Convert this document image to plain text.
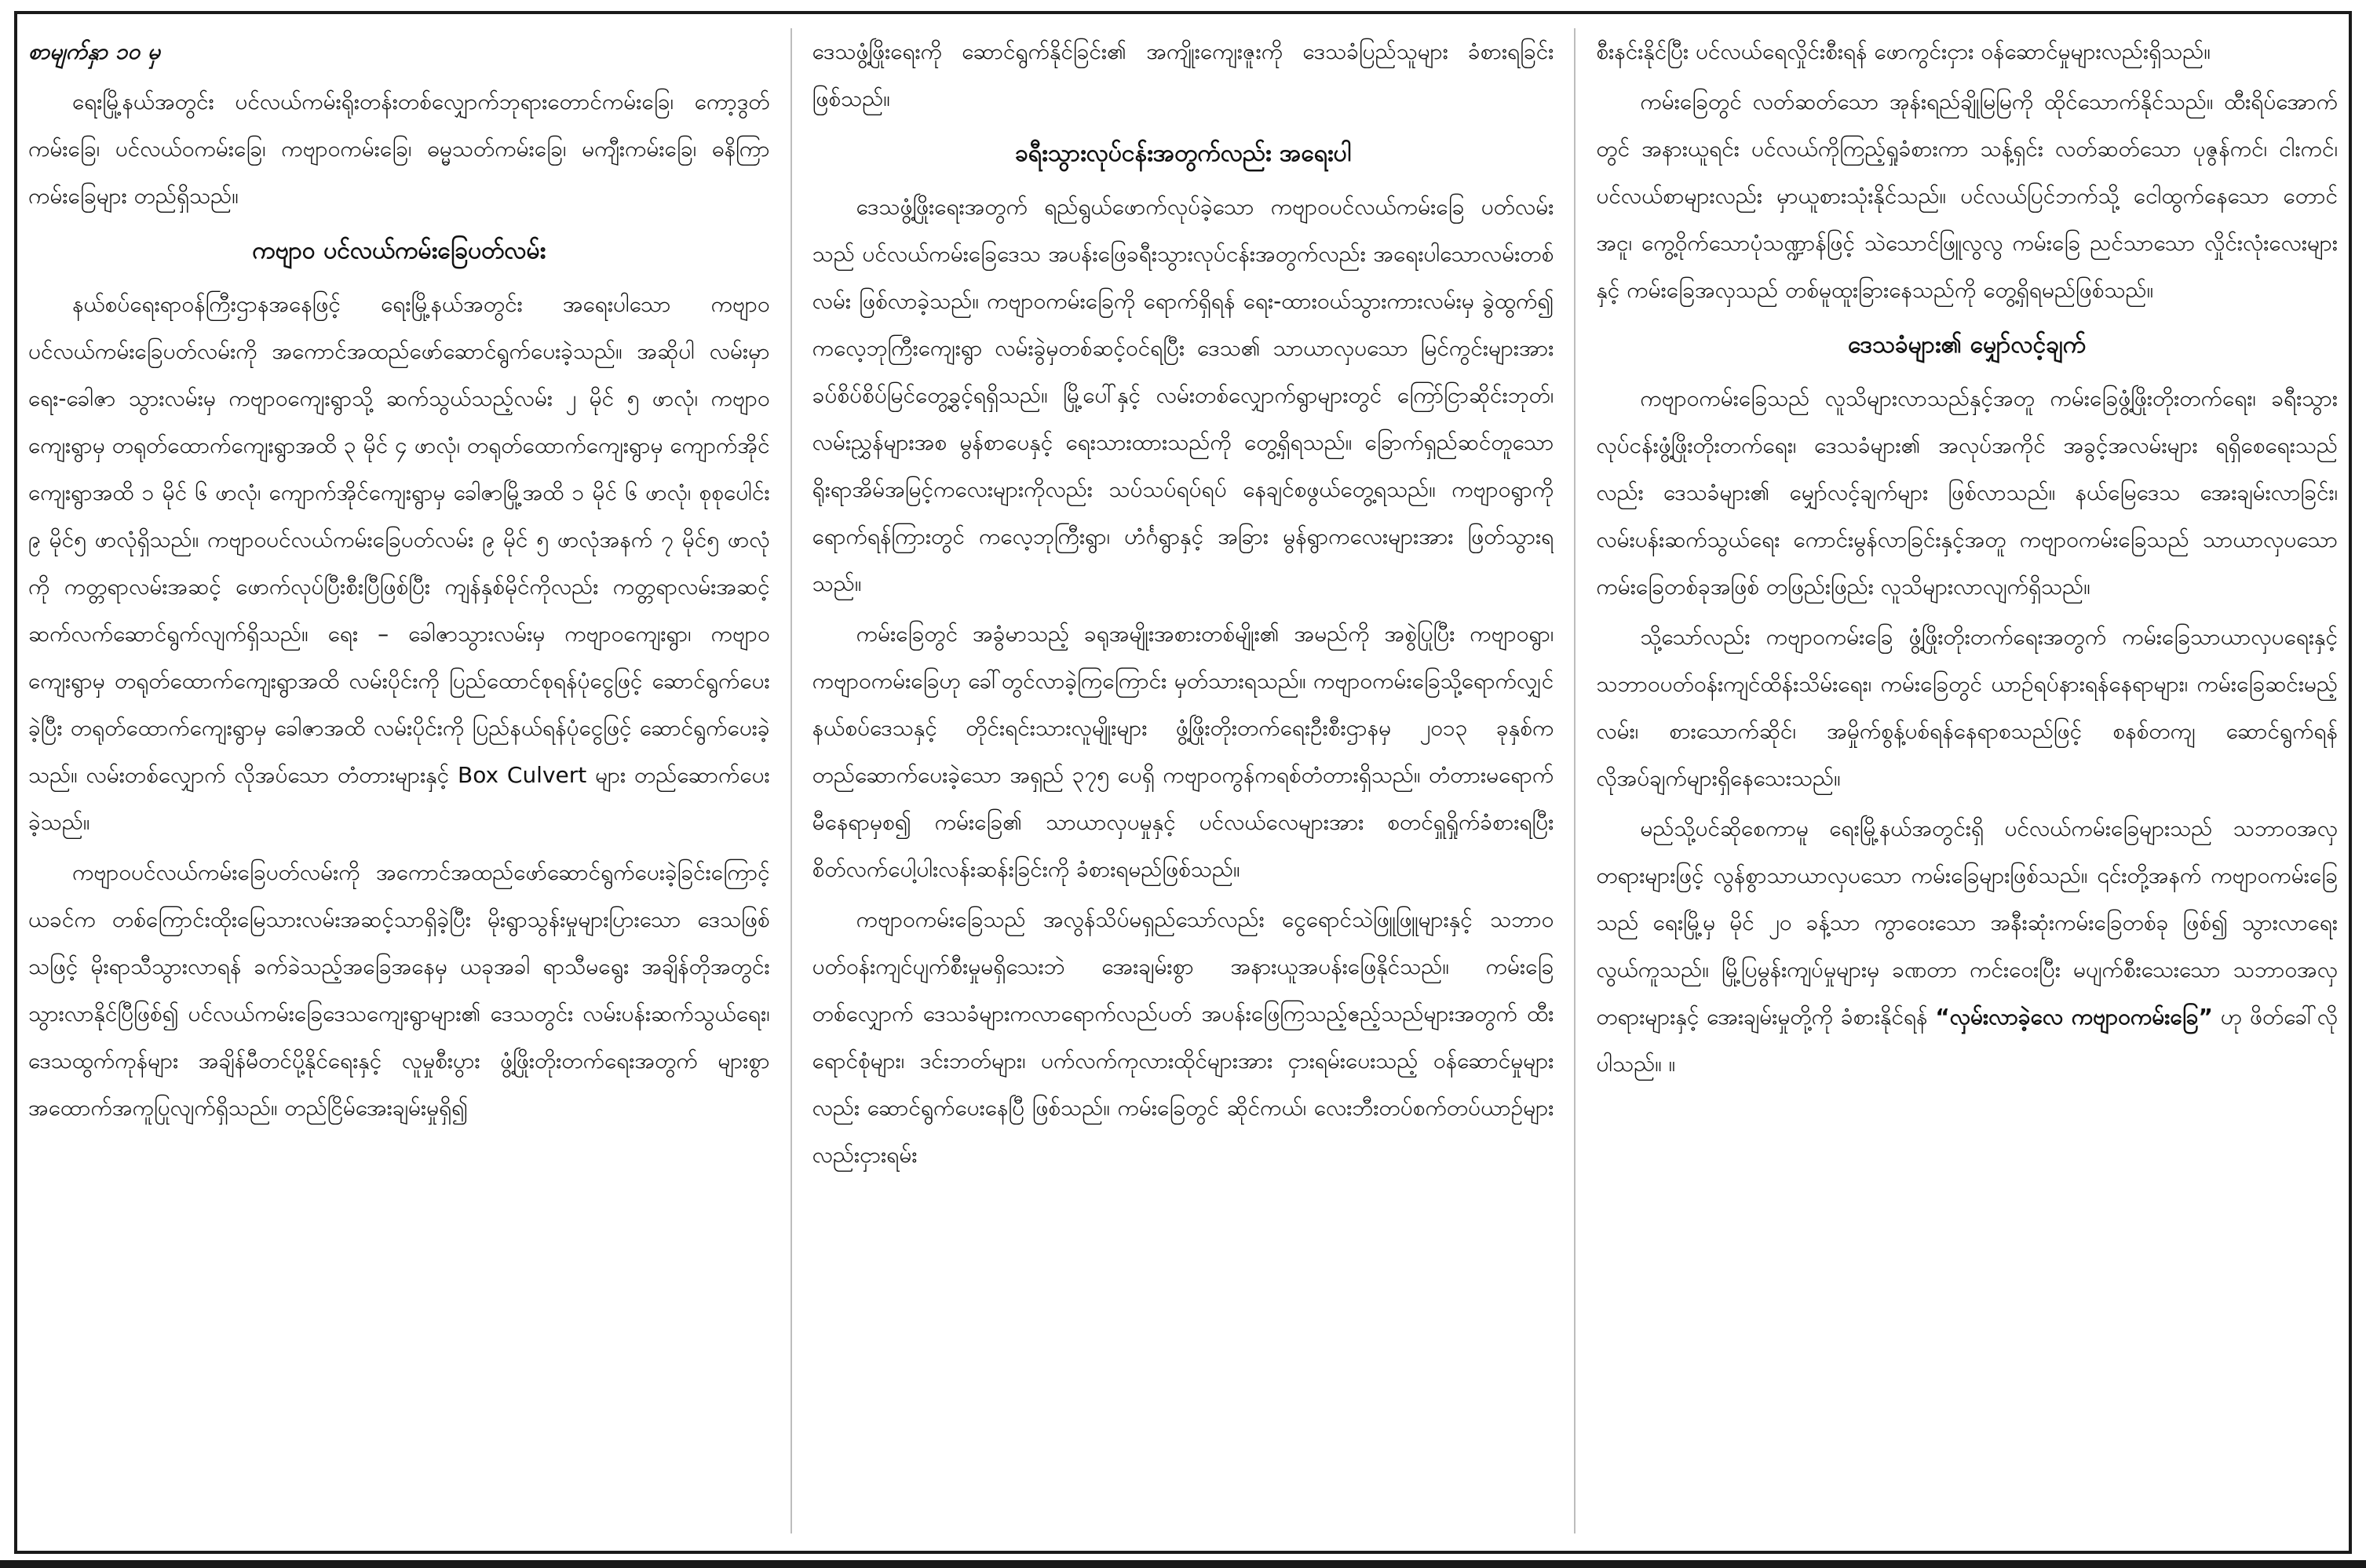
စာမျက်နှာ ၁၀ မှ

ရေးမြို့နယ်အတွင်း ပင်လယ်ကမ်းရိုးတန်းတစ်လျှောက်ဘုရားတောင်ကမ်းခြေ၊ ကော့ဒွတ်ကမ်းခြေ၊ ပင်လယ်ဝကမ်းခြေ၊ ကဗျာဝကမ်းခြေ၊ ဓမ္မသတ်ကမ်းခြေ၊ မကျီးကမ်းခြေ၊ ဓနိကြာ ကမ်းခြေများ တည်ရှိသည်။

ကဗျာဝ ပင်လယ်ကမ်းခြေပတ်လမ်း

နယ်စပ်ရေးရာဝန်ကြီးဌာနအနေဖြင့် ရေးမြို့နယ်အတွင်း အရေးပါသော ကဗျာဝ ပင်လယ်ကမ်းခြေပတ်လမ်းကို အကောင်အထည်ဖော်ဆောင်ရွက်ပေးခဲ့သည်။ အဆိုပါ လမ်းမှာ ရေး-ခေါဇာ သွားလမ်းမှ ကဗျာဝကျေးရွာသို့ ဆက်သွယ်သည့်လမ်း ၂ မိုင် ၅ ဖာလုံ၊ ကဗျာဝကျေးရွာမှ တရုတ်ထောက်ကျေးရွာအထိ ၃ မိုင် ၄ ဖာလုံ၊ တရုတ်ထောက်ကျေးရွာမှ ကျောက်အိုင်ကျေးရွာအထိ ၁ မိုင် ၆ ဖာလုံ၊ ကျောက်အိုင်ကျေးရွာမှ ခေါဇာမြို့အထိ ၁ မိုင် ၆ ဖာလုံ၊ စုစုပေါင်း ၉ မိုင်၅ ဖာလုံရှိသည်။ ကဗျာဝပင်လယ်ကမ်းခြေပတ်လမ်း ၉ မိုင် ၅ ဖာလုံအနက် ၇ မိုင်၅ ဖာလုံကို ကတ္တရာလမ်းအဆင့် ဖောက်လုပ်ပြီးစီးပြီဖြစ်ပြီး ကျန်နှစ်မိုင်ကိုလည်း ကတ္တရာလမ်းအဆင့် ဆက်လက်ဆောင်ရွက်လျက်ရှိသည်။ ရေး – ခေါဇာသွားလမ်းမှ ကဗျာဝကျေးရွာ၊ ကဗျာဝကျေးရွာမှ တရုတ်ထောက်ကျေးရွာအထိ လမ်းပိုင်းကို ပြည်ထောင်စုရန်ပုံငွေဖြင့် ဆောင်ရွက်ပေးခဲ့ပြီး တရုတ်ထောက်ကျေးရွာမှ ခေါဇာအထိ လမ်းပိုင်းကို ပြည်နယ်ရန်ပုံငွေဖြင့် ဆောင်ရွက်ပေးခဲ့သည်။ လမ်းတစ်လျှောက် လိုအပ်သော တံတားများနှင့် Box Culvert များ တည်ဆောက်ပေးခဲ့သည်။

ကဗျာဝပင်လယ်ကမ်းခြေပတ်လမ်းကို အကောင်အထည်ဖော်ဆောင်ရွက်ပေးခဲ့ခြင်းကြောင့် ယခင်က တစ်ကြောင်းထိုးမြေသားလမ်းအဆင့်သာရှိခဲ့ပြီး မိုးရွာသွန်းမှုများပြားသော ဒေသဖြစ်သဖြင့် မိုးရာသီသွားလာရန် ခက်ခဲသည့်အခြေအနေမှ ယခုအခါ ရာသီမရွေး အချိန်တိုအတွင်း သွားလာနိုင်ပြီဖြစ်၍ ပင်လယ်ကမ်းခြေဒေသကျေးရွာများ၏ ဒေသတွင်း လမ်းပန်းဆက်သွယ်ရေး၊ ဒေသထွက်ကုန်များ အချိန်မီတင်ပို့နိုင်ရေးနှင့် လူမှုစီးပွား ဖွံ့ဖြိုးတိုးတက်ရေးအတွက် များစွာ အထောက်အကူပြုလျက်ရှိသည်။ တည်ငြိမ်အေးချမ်းမှုရှိ၍

ဒေသဖွံ့ဖြိုးရေးကို ဆောင်ရွက်နိုင်ခြင်း၏ အကျိုးကျေးဇူးကို ဒေသခံပြည်သူများ ခံစားရခြင်းဖြစ်သည်။

ခရီးသွားလုပ်ငန်းအတွက်လည်း အရေးပါ

ဒေသဖွံ့ဖြိုးရေးအတွက် ရည်ရွယ်ဖောက်လုပ်ခဲ့သော ကဗျာဝပင်လယ်ကမ်းခြေ ပတ်လမ်းသည် ပင်လယ်ကမ်းခြေဒေသ အပန်းဖြေခရီးသွားလုပ်ငန်းအတွက်လည်း အရေးပါသောလမ်းတစ်လမ်း ဖြစ်လာခဲ့သည်။ ကဗျာဝကမ်းခြေကို ရောက်ရှိရန် ရေး-ထားဝယ်သွားကားလမ်းမှ ခွဲထွက်၍ ကလေ့ဘုကြီးကျေးရွာ လမ်းခွဲမှတစ်ဆင့်ဝင်ရပြီး ဒေသ၏ သာယာလှပသော မြင်ကွင်းများအား ခပ်စိပ်စိပ်မြင်တွေ့ခွင့်ရရှိသည်။ မြို့ပေါ်နှင့် လမ်းတစ်လျှောက်ရွာများတွင် ကြော်ငြာဆိုင်းဘုတ်၊ လမ်းညွှန်များအစ မွန်စာပေနှင့် ရေးသားထားသည်ကို တွေ့ရှိရသည်။ ခြောက်ရှည်ဆင်တူသော ရိုးရာအိမ်အမြင့်ကလေးများကိုလည်း သပ်သပ်ရပ်ရပ် နေချင်စဖွယ်တွေ့ရသည်။ ကဗျာဝရွာကို ရောက်ရန်ကြားတွင် ကလေ့ဘုကြီးရွာ၊ ဟံင်္ဂရွာနှင့် အခြား မွန်ရွာကလေးများအား ဖြတ်သွားရသည်။

ကမ်းခြေတွင် အခွံမာသည့် ခရုအမျိုးအစားတစ်မျိုး၏ အမည်ကို အစွဲပြုပြီး ကဗျာဝရွာ၊ ကဗျာဝကမ်းခြေဟု ခေါ်တွင်လာခဲ့ကြကြောင်း မှတ်သားရသည်။ ကဗျာဝကမ်းခြေသို့ရောက်လျှင် နယ်စပ်ဒေသနှင့် တိုင်းရင်းသားလူမျိုးများ ဖွံ့ဖြိုးတိုးတက်ရေးဦးစီးဌာနမှ ၂၀၁၃ ခုနှစ်က တည်ဆောက်ပေးခဲ့သော အရှည် ၃၇၅ ပေရှိ ကဗျာဝကွန်ကရစ်တံတားရှိသည်။ တံတားမရောက်မီနေရာမှစ၍ ကမ်းခြေ၏ သာယာလှပမှုနှင့် ပင်လယ်လေများအား စတင်ရှူရှိုက်ခံစားရပြီး စိတ်လက်ပေါ့ပါးလန်းဆန်းခြင်းကို ခံစားရမည်ဖြစ်သည်။

ကဗျာဝကမ်းခြေသည် အလွန်သိပ်မရှည်သော်လည်း ငွေရောင်သဲဖြူဖြူများနှင့် သဘာဝပတ်ဝန်းကျင်ပျက်စီးမှုမရှိသေးဘဲ အေးချမ်းစွာ အနားယူအပန်းဖြေနိုင်သည်။ ကမ်းခြေတစ်လျှောက် ဒေသခံများကလာရောက်လည်ပတ် အပန်းဖြေကြသည့်ဧည့်သည်များအတွက် ထီးရောင်စုံများ၊ ဒင်းဘတ်များ၊ ပက်လက်ကုလားထိုင်များအား ငှားရမ်းပေးသည့် ဝန်ဆောင်မှုများလည်း ဆောင်ရွက်ပေးနေပြီ ဖြစ်သည်။ ကမ်းခြေတွင် ဆိုင်ကယ်၊ လေးဘီးတပ်စက်တပ်ယာဉ်များလည်းငှားရမ်း

စီးနင်းနိုင်ပြီး ပင်လယ်ရေလှိုင်းစီးရန် ဖောကွင်းငှား ဝန်ဆောင်မှုများလည်းရှိသည်။

ကမ်းခြေတွင် လတ်ဆတ်သော အုန်းရည်ချိုမြမြကို ထိုင်သောက်နိုင်သည်။ ထီးရိပ်အောက်တွင် အနားယူရင်း ပင်လယ်ကိုကြည့်ရှုခံစားကာ သန့်ရှင်း လတ်ဆတ်သော ပုဇွန်ကင်၊ ငါးကင်၊ ပင်လယ်စာများလည်း မှာယူစားသုံးနိုင်သည်။ ပင်လယ်ပြင်ဘက်သို့ ငေါထွက်နေသော တောင်အငူ၊ ကွေ့ဝိုက်သောပုံသဏ္ဍာန်ဖြင့် သဲသောင်ဖြူလွလွ ကမ်းခြေ ညင်သာသော လှိုင်းလုံးလေးများနှင့် ကမ်းခြေအလှသည် တစ်မူထူးခြားနေသည်ကို တွေ့ရှိရမည်ဖြစ်သည်။

ဒေသခံများ၏ မျှော်လင့်ချက်

ကဗျာဝကမ်းခြေသည် လူသိများလာသည်နှင့်အတူ ကမ်းခြေဖွံ့ဖြိုးတိုးတက်ရေး၊ ခရီးသွားလုပ်ငန်းဖွံ့ဖြိုးတိုးတက်ရေး၊ ဒေသခံများ၏ အလုပ်အကိုင် အခွင့်အလမ်းများ ရရှိစေရေးသည်လည်း ဒေသခံများ၏ မျှော်လင့်ချက်များ ဖြစ်လာသည်။ နယ်မြေဒေသ အေးချမ်းလာခြင်း၊ လမ်းပန်းဆက်သွယ်ရေး ကောင်းမွန်လာခြင်းနှင့်အတူ ကဗျာဝကမ်းခြေသည် သာယာလှပသော ကမ်းခြေတစ်ခုအဖြစ် တဖြည်းဖြည်း လူသိများလာလျက်ရှိသည်။

သို့သော်လည်း ကဗျာဝကမ်းခြေ ဖွံ့ဖြိုးတိုးတက်ရေးအတွက် ကမ်းခြေသာယာလှပရေးနှင့် သဘာဝပတ်ဝန်းကျင်ထိန်းသိမ်းရေး၊ ကမ်းခြေတွင် ယာဉ်ရပ်နားရန်နေရာများ၊ ကမ်းခြေဆင်းမည့်လမ်း၊ စားသောက်ဆိုင်၊ အမှိုက်စွန့်ပစ်ရန်နေရာစသည်ဖြင့် စနစ်တကျ ဆောင်ရွက်ရန် လိုအပ်ချက်များရှိနေသေးသည်။

မည်သို့ပင်ဆိုစေကာမူ ရေးမြို့နယ်အတွင်းရှိ ပင်လယ်ကမ်းခြေများသည် သဘာဝအလှတရားများဖြင့် လွန်စွာသာယာလှပသော ကမ်းခြေများဖြစ်သည်။ ၎င်းတို့အနက် ကဗျာဝကမ်းခြေသည် ရေးမြို့မှ မိုင် ၂၀ ခန့်သာ ကွာဝေးသော အနီးဆုံးကမ်းခြေတစ်ခု ဖြစ်၍ သွားလာရေးလွယ်ကူသည်။ မြို့ပြမွန်းကျပ်မှုများမှ ခဏတာ ကင်းဝေးပြီး မပျက်စီးသေးသော သဘာဝအလှတရားများနှင့် အေးချမ်းမှုတို့ကို ခံစားနိုင်ရန် “လှမ်းလာခဲ့လေ ကဗျာဝကမ်းခြေ” ဟု ဖိတ်ခေါ်လိုပါသည်။ ။
